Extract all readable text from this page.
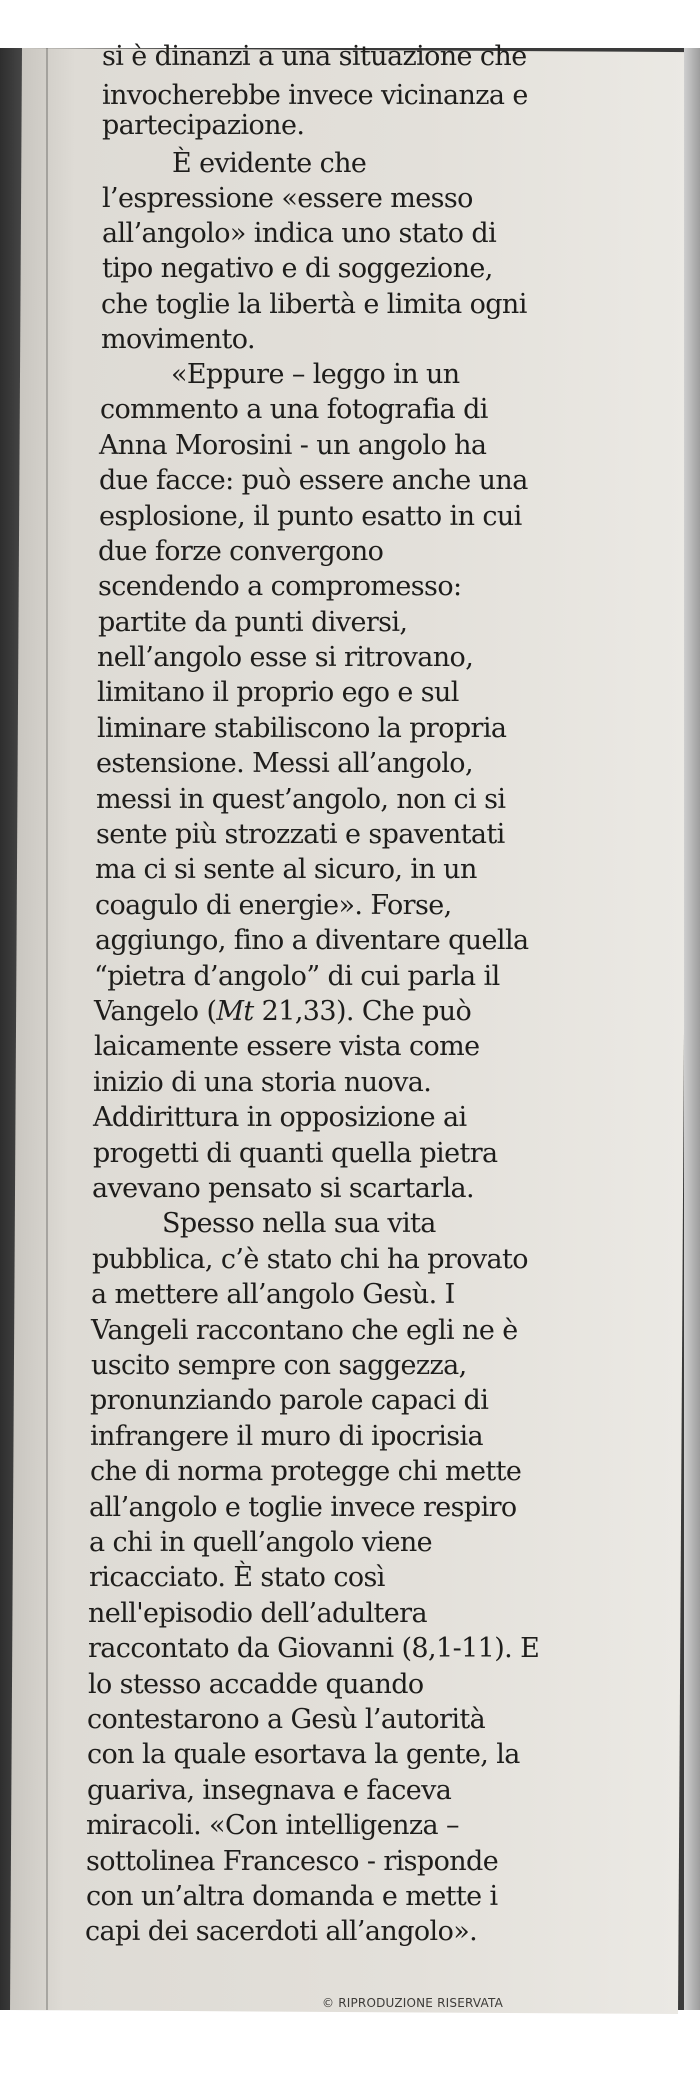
si è dinanzi a una situazione che
invocherebbe invece vicinanza e
partecipazione.
È evidente che
l’espressione «essere messo
all’angolo» indica uno stato di
tipo negativo e di soggezione,
che toglie la libertà e limita ogni
movimento.
«Eppure – leggo in un
commento a una fotografia di
Anna Morosini - un angolo ha
due facce: può essere anche una
esplosione, il punto esatto in cui
due forze convergono
scendendo a compromesso:
partite da punti diversi,
nell’angolo esse si ritrovano,
limitano il proprio ego e sul
liminare stabiliscono la propria
estensione. Messi all’angolo,
messi in quest’angolo, non ci si
sente più strozzati e spaventati
ma ci si sente al sicuro, in un
coagulo di energie». Forse,
aggiungo, fino a diventare quella
“pietra d’angolo” di cui parla il
Vangelo (Mt 21,33). Che può
laicamente essere vista come
inizio di una storia nuova.
Addirittura in opposizione ai
progetti di quanti quella pietra
avevano pensato si scartarla.
Spesso nella sua vita
pubblica, c’è stato chi ha provato
a mettere all’angolo Gesù. I
Vangeli raccontano che egli ne è
uscito sempre con saggezza,
pronunziando parole capaci di
infrangere il muro di ipocrisia
che di norma protegge chi mette
all’angolo e toglie invece respiro
a chi in quell’angolo viene
ricacciato. È stato così
nell'episodio dell’adultera
raccontato da Giovanni (8,1-11). E
lo stesso accadde quando
contestarono a Gesù l’autorità
con la quale esortava la gente, la
guariva, insegnava e faceva
miracoli. «Con intelligenza –
sottolinea Francesco - risponde
con un’altra domanda e mette i
capi dei sacerdoti all’angolo».
© RIPRODUZIONE RISERVATA
